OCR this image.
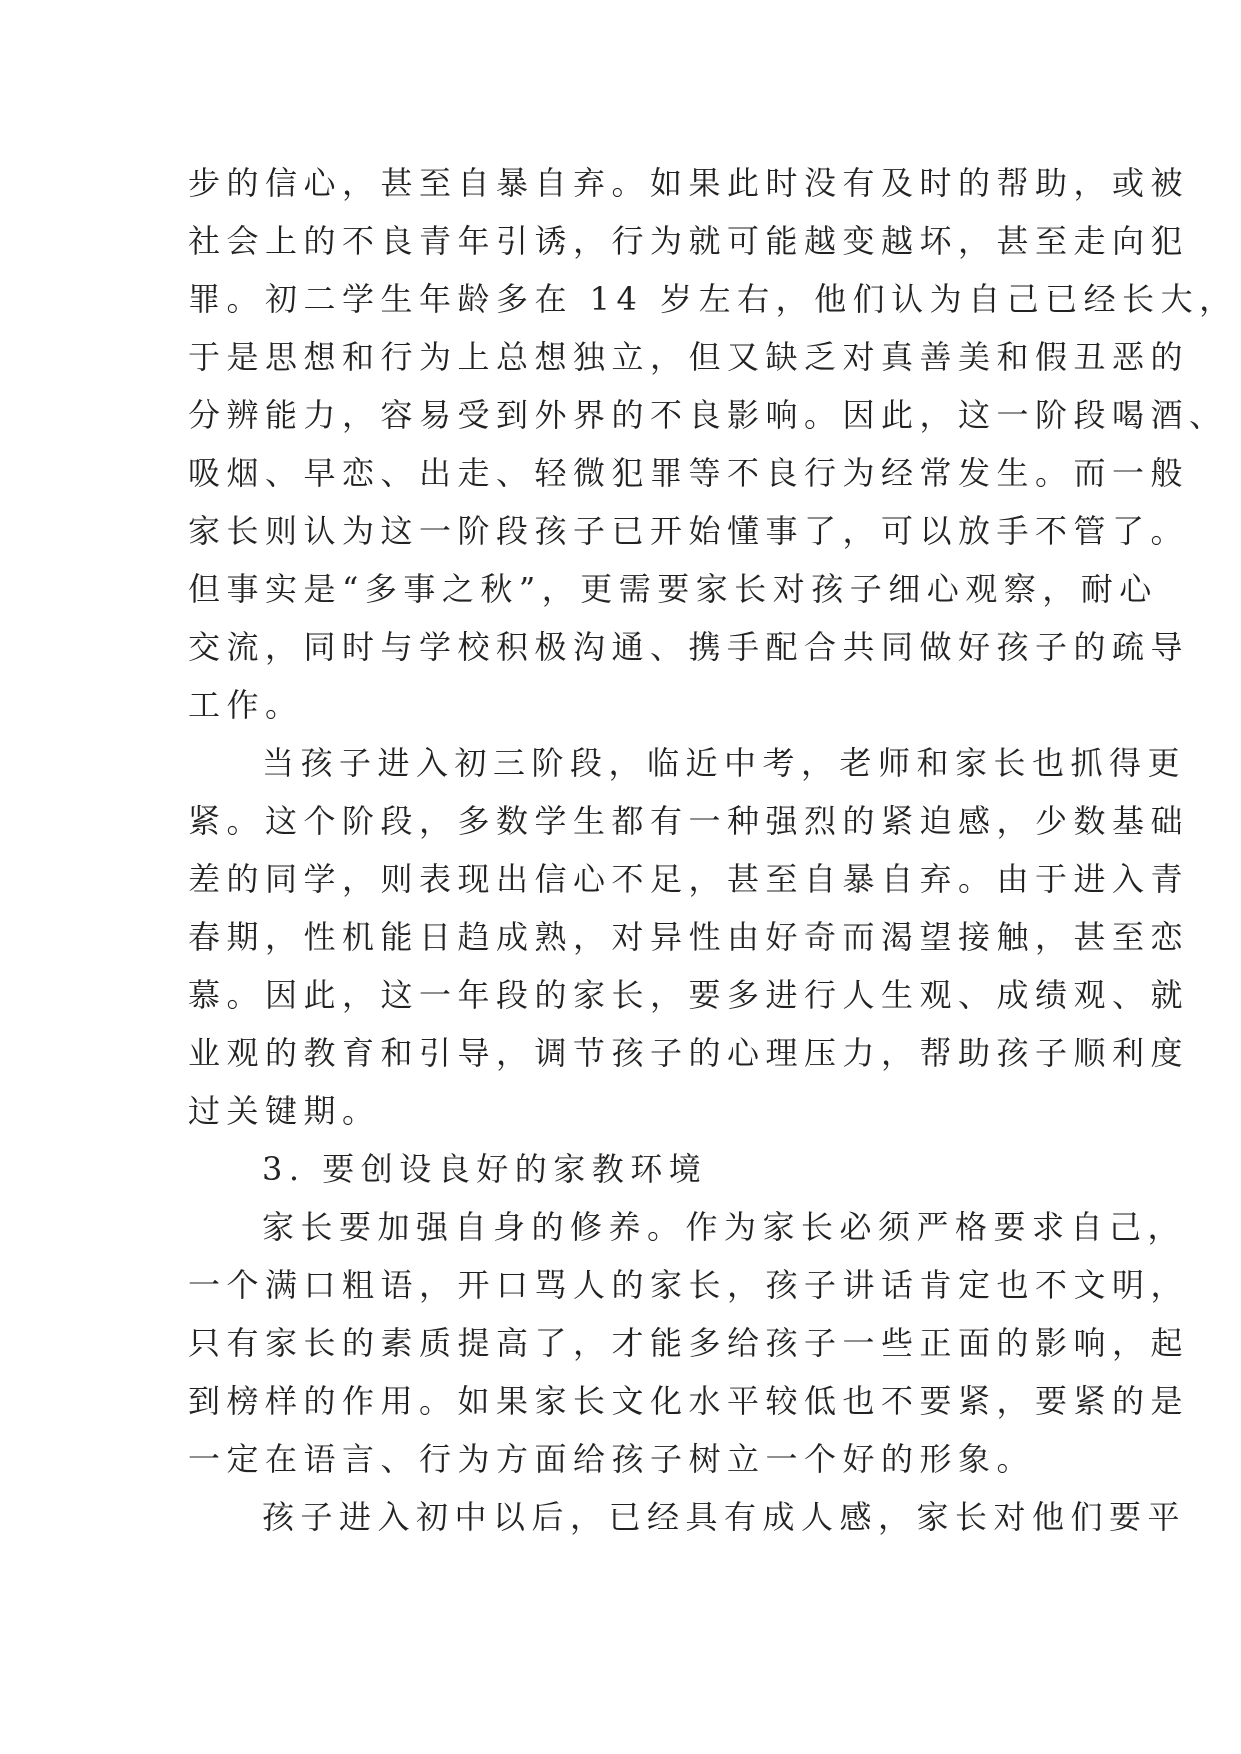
步的信心，甚至自暴自弃。如果此时没有及时的帮助，或被
社会上的不良青年引诱，行为就可能越变越坏，甚至走向犯
罪。初二学生年龄多在 14 岁左右，他们认为自己已经长大，
于是思想和行为上总想独立，但又缺乏对真善美和假丑恶的
分辨能力，容易受到外界的不良影响。因此，这一阶段喝酒、
吸烟、早恋、出走、轻微犯罪等不良行为经常发生。而一般
家长则认为这一阶段孩子已开始懂事了，可以放手不管了。
但事实是“多事之秋”，更需要家长对孩子细心观察，耐心
交流，同时与学校积极沟通、携手配合共同做好孩子的疏导
工作。
当孩子进入初三阶段，临近中考，老师和家长也抓得更
紧。这个阶段，多数学生都有一种强烈的紧迫感，少数基础
差的同学，则表现出信心不足，甚至自暴自弃。由于进入青
春期，性机能日趋成熟，对异性由好奇而渴望接触，甚至恋
慕。因此，这一年段的家长，要多进行人生观、成绩观、就
业观的教育和引导，调节孩子的心理压力，帮助孩子顺利度
过关键期。
3. 要创设良好的家教环境
家长要加强自身的修养。作为家长必须严格要求自己，
一个满口粗语，开口骂人的家长，孩子讲话肯定也不文明，
只有家长的素质提高了，才能多给孩子一些正面的影响，起
到榜样的作用。如果家长文化水平较低也不要紧，要紧的是
一定在语言、行为方面给孩子树立一个好的形象。
孩子进入初中以后，已经具有成人感，家长对他们要平
